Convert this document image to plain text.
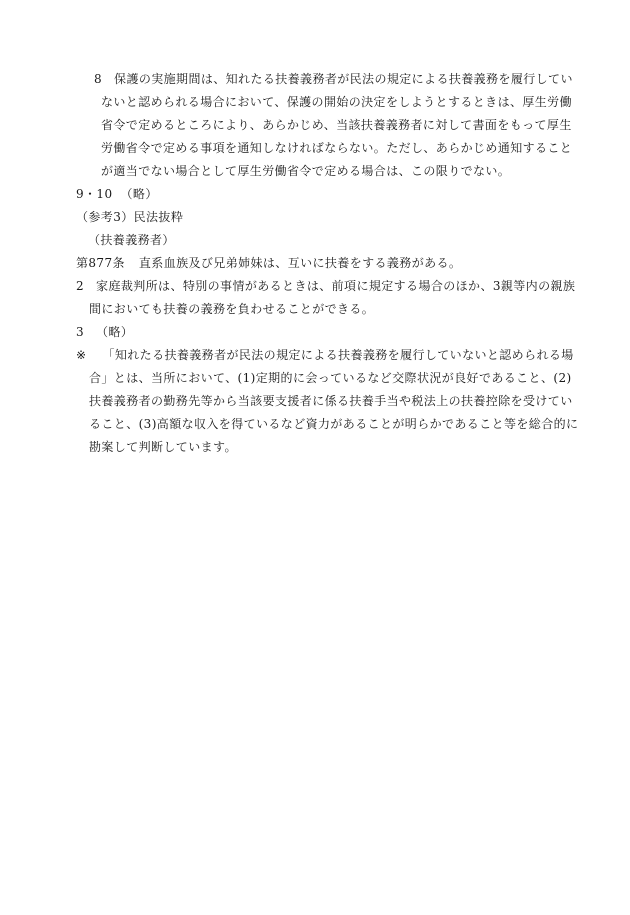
8 保護の実施期間は、知れたる扶養義務者が民法の規定による扶養義務を履行してい
ないと認められる場合において、保護の開始の決定をしようとするときは、厚生労働
省令で定めるところにより、あらかじめ、当該扶養義務者に対して書面をもって厚生
労働省令で定める事項を通知しなければならない。ただし、あらかじめ通知すること
が適当でない場合として厚生労働省令で定める場合は、この限りでない。
9・10 （略）
（参考3）民法抜粋
（扶養義務者）
第877条 直系血族及び兄弟姉妹は、互いに扶養をする義務がある。
2 家庭裁判所は、特別の事情があるときは、前項に規定する場合のほか、3親等内の親族
間においても扶養の義務を負わせることができる。
3 （略）
※ 「知れたる扶養義務者が民法の規定による扶養義務を履行していないと認められる場
合」とは、当所において、(1)定期的に会っているなど交際状況が良好であること、(2)
扶養義務者の勤務先等から当該要支援者に係る扶養手当や税法上の扶養控除を受けてい
ること、(3)高額な収入を得ているなど資力があることが明らかであること等を総合的に
勘案して判断しています。
